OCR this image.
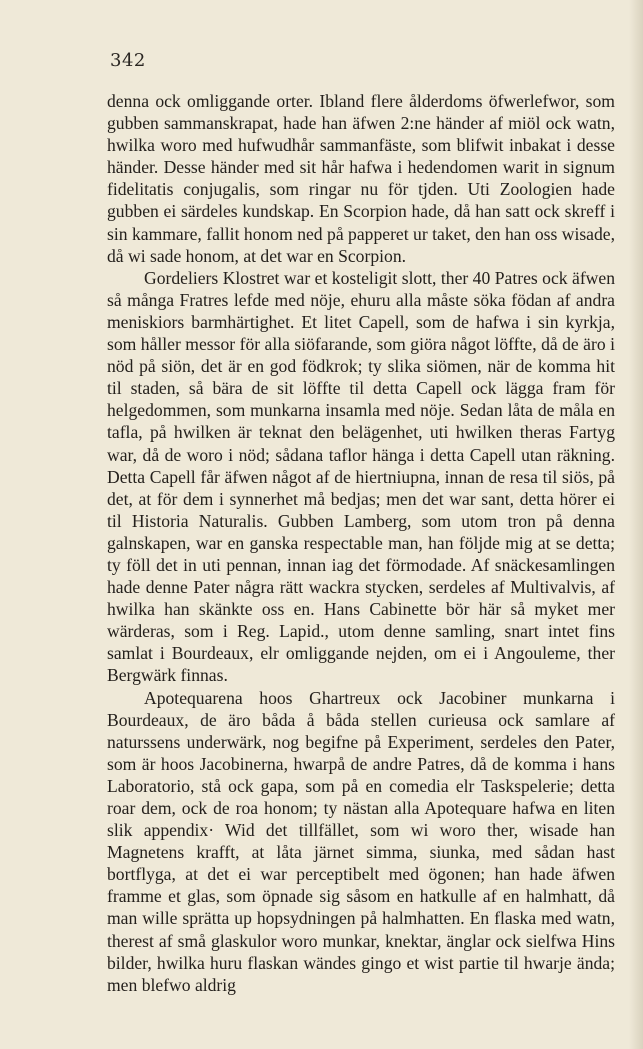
342

denna ock omliggande orter. Ibland flere ålderdoms öfwerlefwor, som gubben sammanskrapat, hade han äfwen 2:ne händer af miöl ock watn, hwilka woro med hufwudhår sammanfäste, som blifwit inbakat i desse händer. Desse händer med sit hår hafwa i hedendomen warit in signum fidelitatis conjugalis, som ringar nu för tjden. Uti Zoologien hade gubben ei särdeles kundskap. En Scorpion hade, då han satt ock skreff i sin kammare, fallit honom ned på papperet ur taket, den han oss wisade, då wi sade honom, at det war en Scorpion.

Gordeliers Klostret war et kosteligit slott, ther 40 Patres ock äfwen så många Fratres lefde med nöje, ehuru alla måste söka födan af andra meniskiors barmhärtighet. Et litet Capell, som de hafwa i sin kyrkja, som håller messor för alla siöfarande, som giöra något löffte, då de äro i nöd på siön, det är en god födkrok; ty slika siömen, när de komma hit til staden, så bära de sit löffte til detta Capell ock lägga fram för helgedommen, som munkarna insamla med nöje. Sedan låta de måla en tafla, på hwilken är teknat den belägenhet, uti hwilken theras Fartyg war, då de woro i nöd; sådana taflor hänga i detta Capell utan räkning. Detta Capell får äfwen något af de hiertniupna, innan de resa til siös, på det, at för dem i synnerhet må bedjas; men det war sant, detta hörer ei til Historia Naturalis. Gubben Lamberg, som utom tron på denna galnskapen, war en ganska respectable man, han följde mig at se detta; ty föll det in uti pennan, innan iag det förmodade. Af snäckesamlingen hade denne Pater några rätt wackra stycken, serdeles af Multivalvis, af hwilka han skänkte oss en. Hans Cabinette bör här så myket mer wärderas, som i Reg. Lapid., utom denne samling, snart intet fins samlat i Bourdeaux, elr omliggande nejden, om ei i Angouleme, ther Bergwärk finnas.

Apotequarena hoos Ghartreux ock Jacobiner munkarna i Bourdeaux, de äro båda å båda stellen curieusa ock samlare af naturssens underwärk, nog begifne på Experiment, serdeles den Pater, som är hoos Jacobinerna, hwarpå de andre Patres, då de komma i hans Laboratorio, stå ock gapa, som på en comedia elr Taskspelerie; detta roar dem, ock de roa honom; ty nästan alla Apotequare hafwa en liten slik appendix· Wid det tillfället, som wi woro ther, wisade han Magnetens krafft, at låta järnet simma, siunka, med sådan hast bortflyga, at det ei war perceptibelt med ögonen; han hade äfwen framme et glas, som öpnade sig såsom en hatkulle af en halmhatt, då man wille sprätta up hopsydningen på halmhatten. En flaska med watn, therest af små glaskulor woro munkar, knektar, änglar ock sielfwa Hins bilder, hwilka huru flaskan wändes gingo et wist partie til hwarje ända; men blefwo aldrig
